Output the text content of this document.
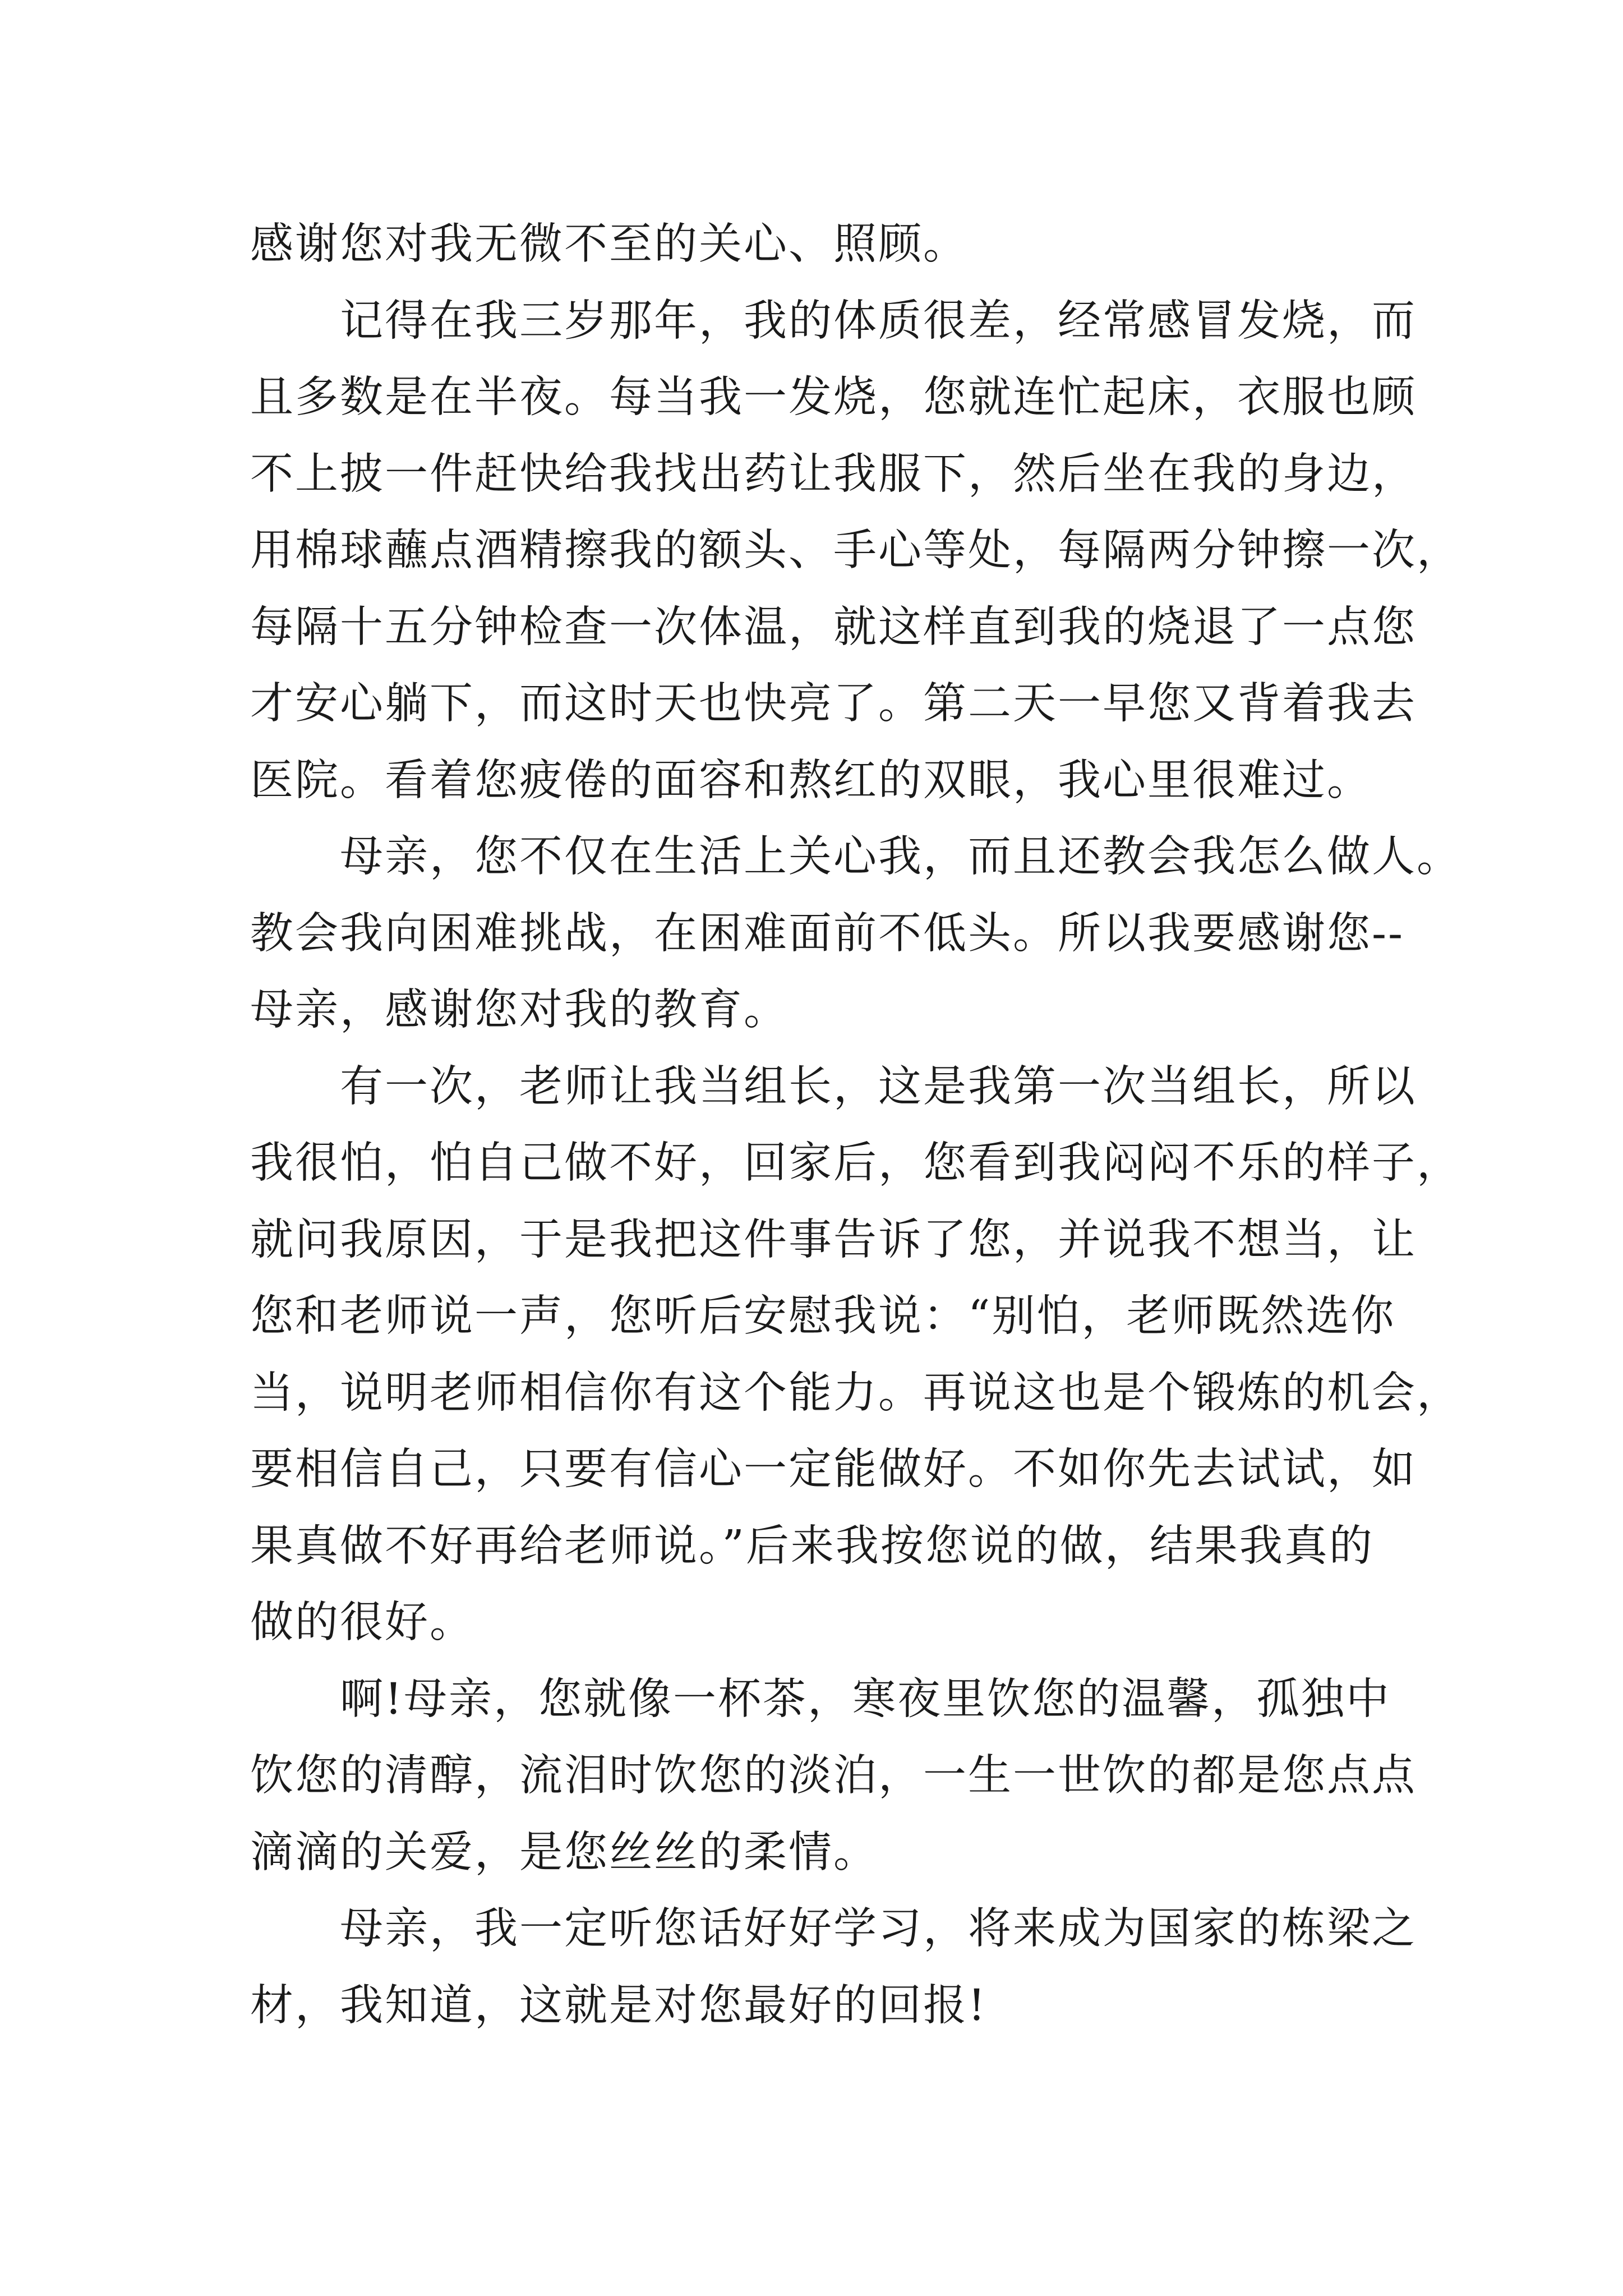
感谢您对我无微不至的关心、照顾。
记得在我三岁那年，我的体质很差，经常感冒发烧，而
且多数是在半夜。每当我一发烧，您就连忙起床，衣服也顾
不上披一件赶快给我找出药让我服下，然后坐在我的身边，
用棉球蘸点酒精擦我的额头、手心等处，每隔两分钟擦一次，
每隔十五分钟检查一次体温，就这样直到我的烧退了一点您
才安心躺下，而这时天也快亮了。第二天一早您又背着我去
医院。看着您疲倦的面容和熬红的双眼，我心里很难过。
母亲，您不仅在生活上关心我，而且还教会我怎么做人。
教会我向困难挑战，在困难面前不低头。所以我要感谢您--
母亲，感谢您对我的教育。
有一次，老师让我当组长，这是我第一次当组长，所以
我很怕，怕自己做不好，回家后，您看到我闷闷不乐的样子，
就问我原因，于是我把这件事告诉了您，并说我不想当，让
您和老师说一声，您听后安慰我说：“别怕，老师既然选你
当，说明老师相信你有这个能力。再说这也是个锻炼的机会，
要相信自己，只要有信心一定能做好。不如你先去试试，如
果真做不好再给老师说。”后来我按您说的做，结果我真的
做的很好。
啊!母亲，您就像一杯茶，寒夜里饮您的温馨，孤独中
饮您的清醇，流泪时饮您的淡泊，一生一世饮的都是您点点
滴滴的关爱，是您丝丝的柔情。
母亲，我一定听您话好好学习，将来成为国家的栋梁之
材，我知道，这就是对您最好的回报!
